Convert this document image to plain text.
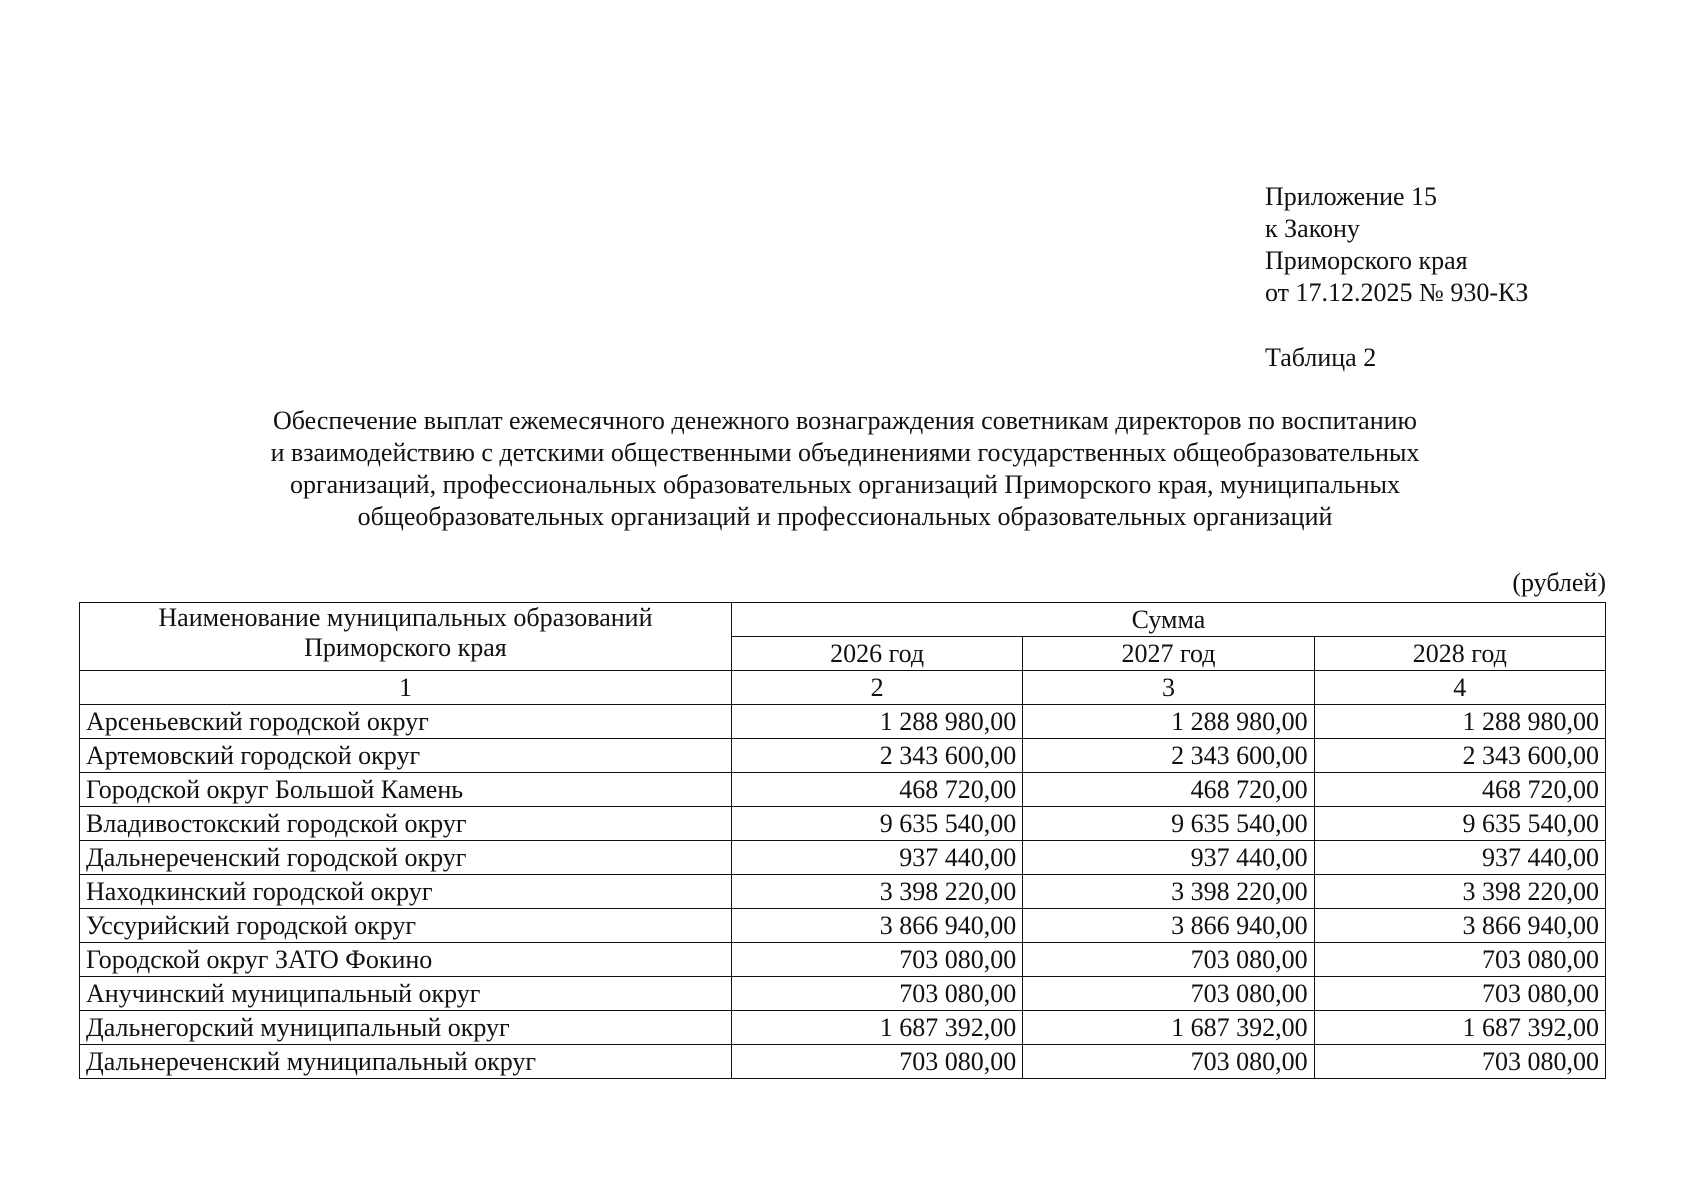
Приложение 15
к Закону
Приморского края
от 17.12.2025 № 930-КЗ
Таблица 2
Обеспечение выплат ежемесячного денежного вознаграждения советникам директоров по воспитанию
и взаимодействию с детскими общественными объединениями государственных общеобразовательных
организаций, профессиональных образовательных организаций Приморского края, муниципальных
общеобразовательных организаций и профессиональных образовательных организаций
(рублей)
Наименование муниципальных образований
Приморского края	Сумма		
	2026 год	2027 год	2028 год
1	2	3	4
Арсеньевский городской округ	1 288 980,00	1 288 980,00	1 288 980,00
Артемовский городской округ	2 343 600,00	2 343 600,00	2 343 600,00
Городской округ Большой Камень	468 720,00	468 720,00	468 720,00
Владивостокский городской округ	9 635 540,00	9 635 540,00	9 635 540,00
Дальнереченский городской округ	937 440,00	937 440,00	937 440,00
Находкинский городской округ	3 398 220,00	3 398 220,00	3 398 220,00
Уссурийский городской округ	3 866 940,00	3 866 940,00	3 866 940,00
Городской округ ЗАТО Фокино	703 080,00	703 080,00	703 080,00
Анучинский муниципальный округ	703 080,00	703 080,00	703 080,00
Дальнегорский муниципальный округ	1 687 392,00	1 687 392,00	1 687 392,00
Дальнереченский муниципальный округ	703 080,00	703 080,00	703 080,00
